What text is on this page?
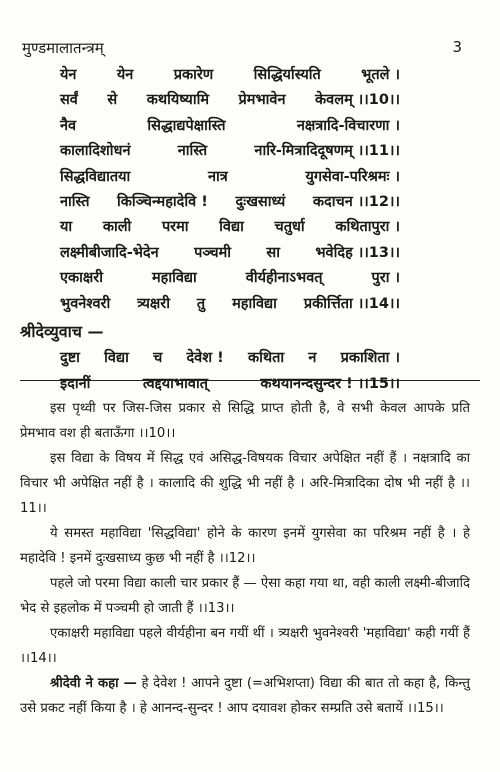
मुण्डमालातन्त्रम्	3
येन	येन	प्रकारेण	सिद्धिर्यास्यति	भूतले ।
सर्वं से कथयिष्यामि प्रेमभावेन केवलम् ।।10।।
नैव	सिद्धाद्यपेक्षास्ति	नक्षत्रादि-विचारणा ।
कालादिशोधनं	नास्ति	नारि-मित्रादिदूषणम् ।।11।।
सिद्धविद्यातया	नात्र	युगसेवा-परिश्रमः ।
नास्ति किञ्चिन्महादेवि ! दुःखसाध्यं कदाचन ।।12।।
या काली परमा विद्या चतुर्धा कथितापुरा ।
लक्ष्मीबीजादि-भेदेन पञ्चमी सा भवेदिह ।।13।।
एकाक्षरी	महाविद्या	वीर्यहीनाऽभवत्	पुरा ।
भुवनेश्वरी त्र्यक्षरी तु महाविद्या प्रकीर्त्तिता ।।14।।
श्रीदेव्युवाच —
दुष्टा विद्या च देवेश ! कथिता न प्रकाशिता ।
इदानीं	त्वद्दयाभावात्	कथयानन्दसुन्दर ! ।।15।।
इस पृथ्वी पर जिस-जिस प्रकार से सिद्धि प्राप्त होती है, वे सभी केवल आपके प्रति प्रेमभाव वश ही बताऊँगा ।।10।।
इस विद्या के विषय में सिद्ध एवं असिद्ध-विषयक विचार अपेक्षित नहीं हैं । नक्षत्रादि का विचार भी अपेक्षित नहीं है । कालादि की शुद्धि भी नहीं है । अरि-मित्रादिका दोष भी नहीं है ।।11।।
ये समस्त महाविद्या 'सिद्धविद्या' होने के कारण इनमें युगसेवा का परिश्रम नहीं है । हे महादेवि ! इनमें दुःखसाध्य कुछ भी नहीं है ।।12।।
पहले जो परमा विद्या काली चार प्रकार हैं — ऐसा कहा गया था, वही काली लक्ष्मी-बीजादि भेद से इहलोक में पञ्चमी हो जाती हैं ।।13।।
एकाक्षरी महाविद्या पहले वीर्यहीना बन गयीं थीं । त्र्यक्षरी भुवनेश्वरी 'महाविद्या' कही गयीं हैं ।।14।।
श्रीदेवी ने कहा — हे देवेश ! आपने दुष्टा (=अभिशप्ता) विद्या की बात तो कहा है, किन्तु उसे प्रकट नहीं किया है । हे आनन्द-सुन्दर ! आप दयावश होकर सम्प्रति उसे बतायें ।।15।।
